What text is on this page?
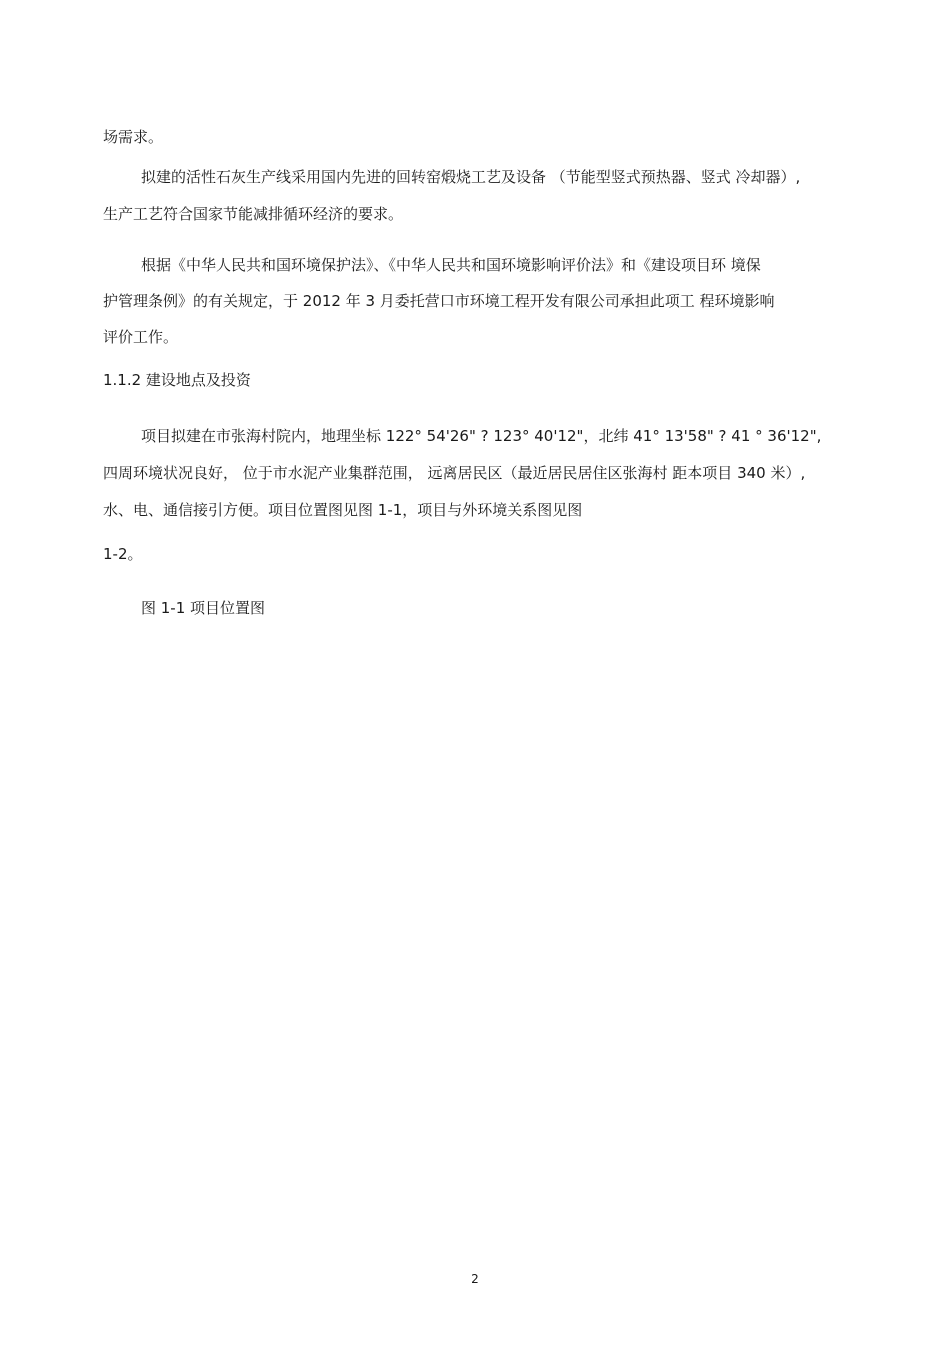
场需求。

拟建的活性石灰生产线采用国内先进的回转窑煅烧工艺及设备 （节能型竖式预热器、竖式 冷却器）,

生产工艺符合国家节能减排循环经济的要求。

根据《中华人民共和国环境保护法》、《中华人民共和国环境影响评价法》和《建设项目环 境保

护管理条例》的有关规定，于 2012 年 3 月委托营口市环境工程开发有限公司承担此项工 程环境影响

评价工作。

1.1.2 建设地点及投资

项目拟建在市张海村院内，地理坐标 122° 54'26" ? 123° 40'12"，北纬 41° 13'58" ? 41 ° 36'12",

四周环境状况良好， 位于市水泥产业集群范围， 远离居民区（最近居民居住区张海村 距本项目 340 米）,

水、电、通信接引方便。项目位置图见图 1-1，项目与外环境关系图见图

1-2。

图 1-1 项目位置图

2
